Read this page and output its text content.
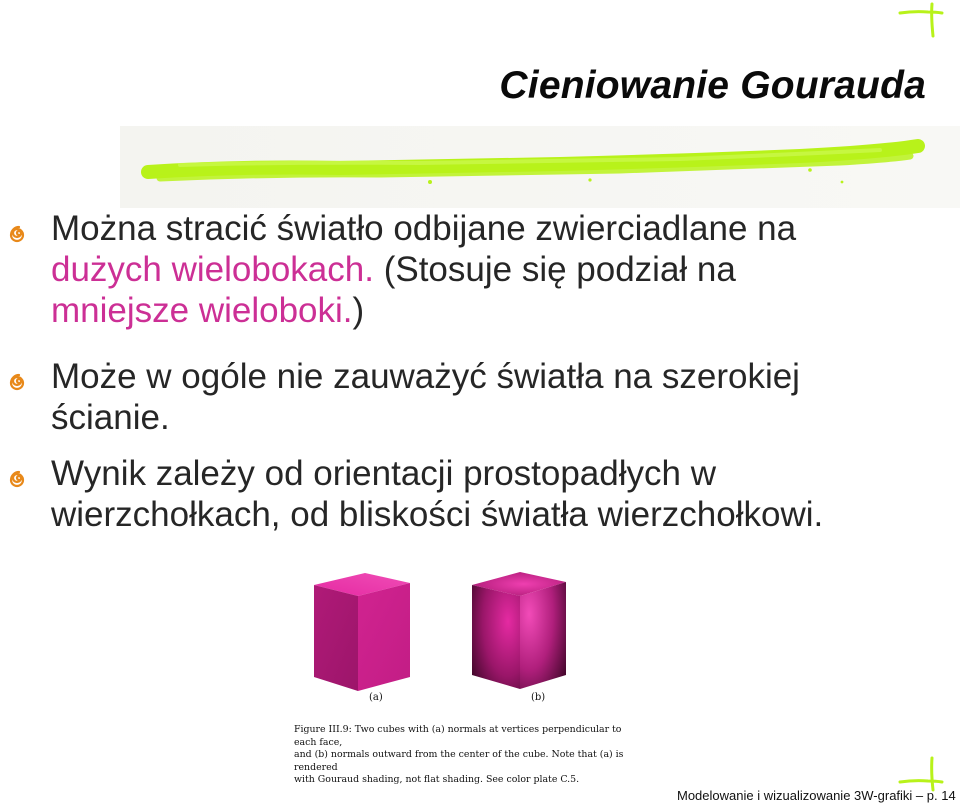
Cieniowanie Gourauda
Można stracić światło odbijane zwierciadlane na
dużych wielobokach. (Stosuje się podział na
mniejsze wieloboki.)
Może w ogóle nie zauważyć światła na szerokiej
ścianie.
Wynik zależy od orientacji prostopadłych w
wierzchołkach, od bliskości światła wierzchołkowi.
(a)	(b)
Figure III.9: Two cubes with (a) normals at vertices perpendicular to each face,
and (b) normals outward from the center of the cube. Note that (a) is rendered
with Gouraud shading, not flat shading. See color plate C.5.
Modelowanie i wizualizowanie 3W-grafiki – p. 14
